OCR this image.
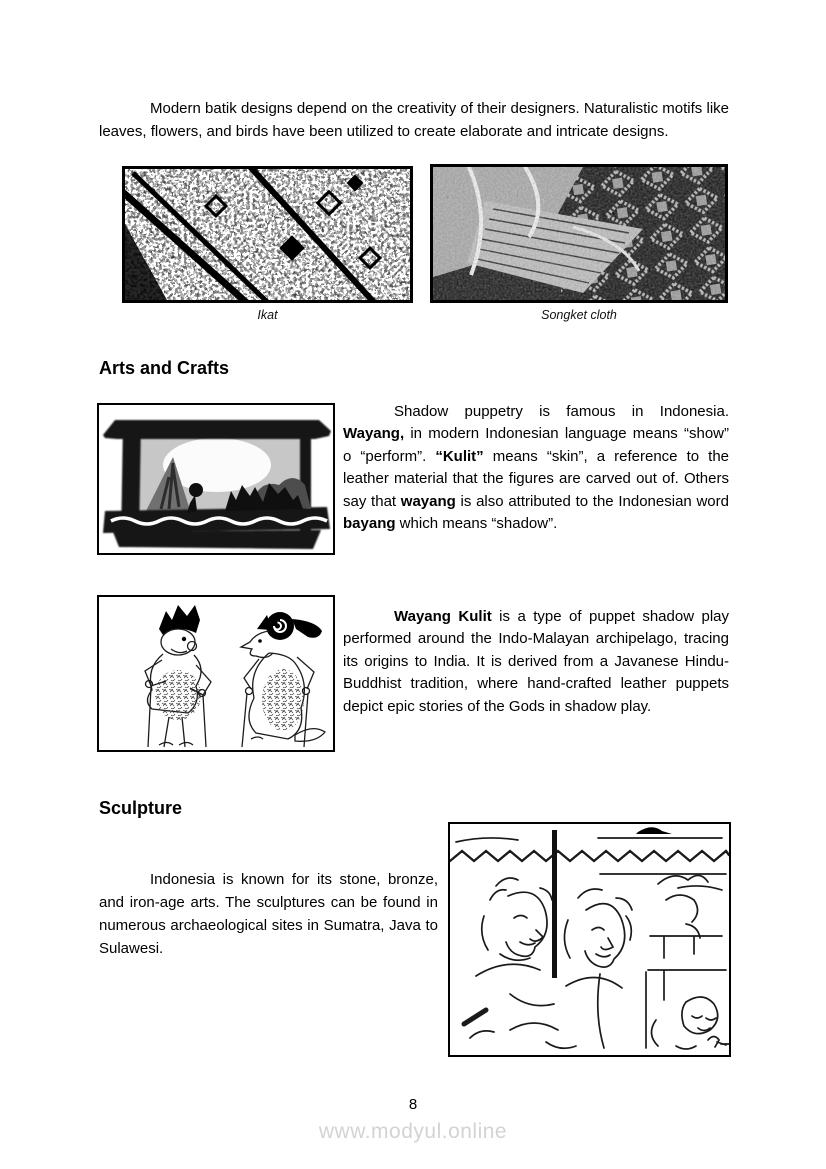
Modern batik designs depend on the creativity of their designers. Naturalistic motifs like leaves, flowers, and birds have been utilized to create elaborate and intricate designs.

Ikat	Songket cloth
Arts and Crafts

Shadow puppetry is famous in Indonesia. Wayang, in modern Indonesian language means “show” o “perform”. “Kulit” means “skin”, a reference to the leather material that the figures are carved out of. Others say that wayang is also attributed to the Indonesian word bayang which means “shadow”.

Wayang Kulit is a type of puppet shadow play performed around the Indo-Malayan archipelago, tracing its origins to India. It is derived from a Javanese Hindu-Buddhist tradition, where hand-crafted leather puppets depict epic stories of the Gods in shadow play.

Sculpture

Indonesia is known for its stone, bronze, and iron-age arts. The sculptures can be found in numerous archaeological sites in Sumatra, Java to Sulawesi.

8
www.modyul.online
